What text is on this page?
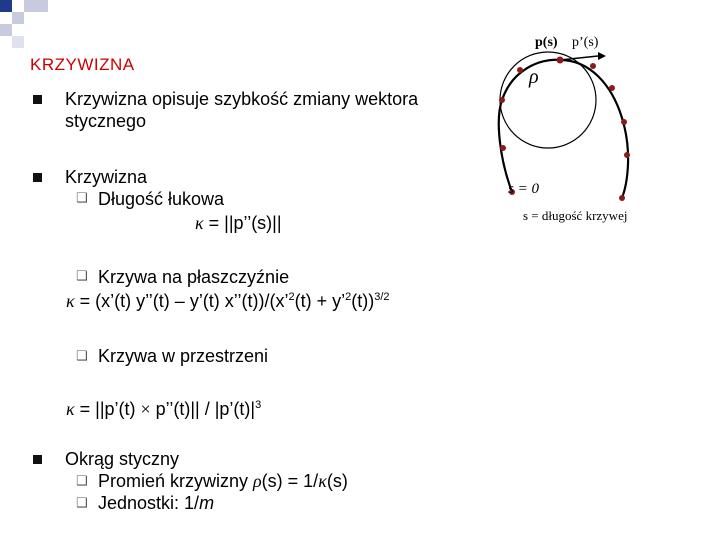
KRZYWIZNA
Krzywizna opisuje szybkość zmiany wektora
stycznego
Krzywizna
❑ Długość łukowa
κ = ||p’’(s)||
❑ Krzywa na płaszczyźnie
κ = (x’(t) y’’(t) – y’(t) x’’(t))/(x’$^2$(t) + y’$^2$(t))$^{3/2}$
❑ Krzywa w przestrzeni
κ = ||p’(t) × p’’(t)|| / $|p’(t)|^3$
Okrąg styczny
❑ Promień krzywizny ρ(s) = 1/κ(s)
❑ Jednostki: 1/m
p(s) p’(s)
ρ
s = 0
s = długość krzywej
